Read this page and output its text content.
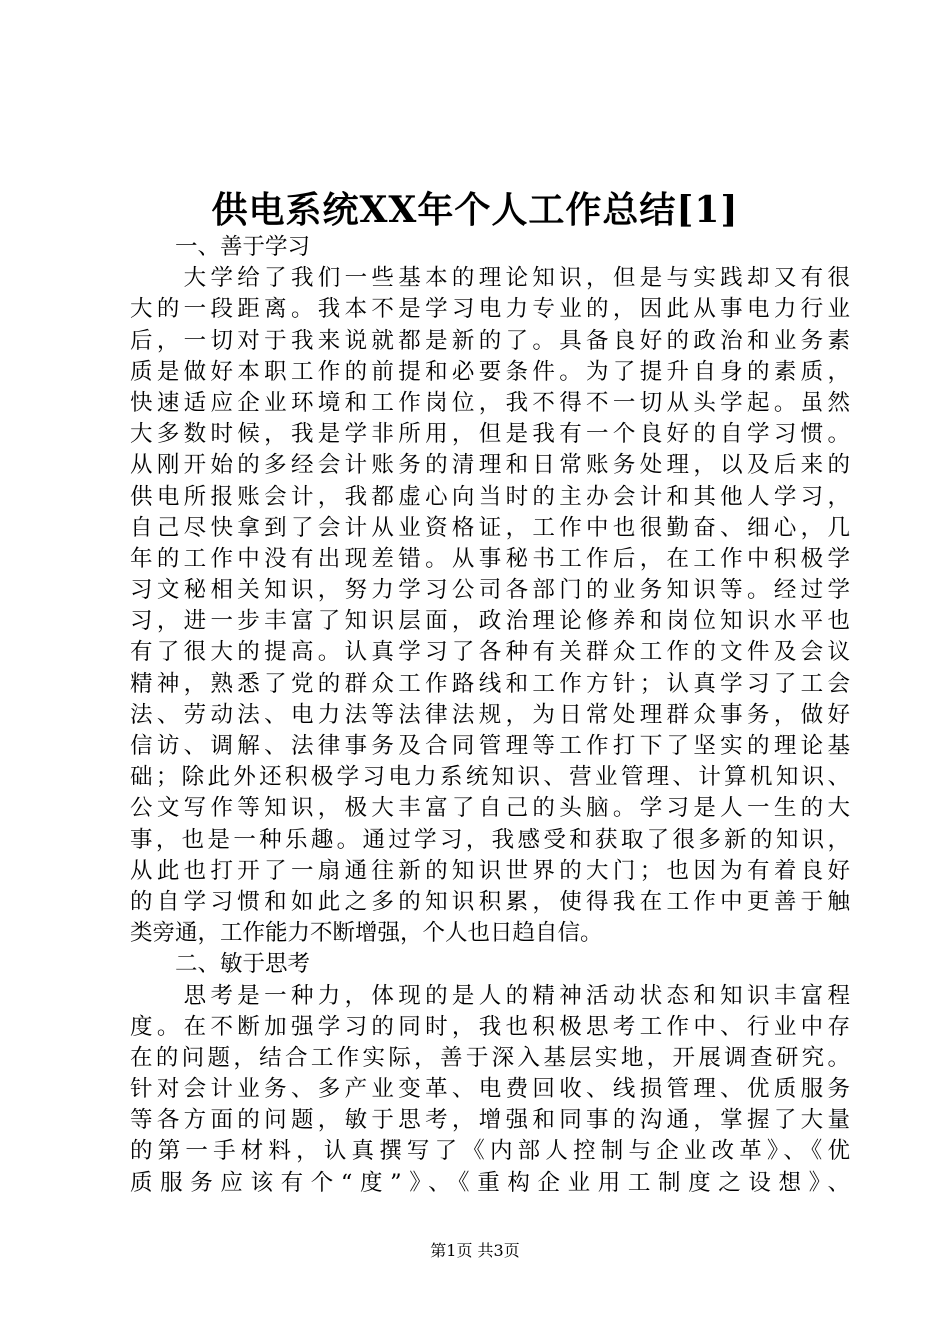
供电系统XX年个人工作总结[1]
　　一、善于学习
　　大学给了我们一些基本的理论知识，但是与实践却又有很
大的一段距离。我本不是学习电力专业的，因此从事电力行业
后，一切对于我来说就都是新的了。具备良好的政治和业务素
质是做好本职工作的前提和必要条件。为了提升自身的素质，
快速适应企业环境和工作岗位，我不得不一切从头学起。虽然
大多数时候，我是学非所用，但是我有一个良好的自学习惯。
从刚开始的多经会计账务的清理和日常账务处理，以及后来的
供电所报账会计，我都虚心向当时的主办会计和其他人学习，
自己尽快拿到了会计从业资格证，工作中也很勤奋、细心，几
年的工作中没有出现差错。从事秘书工作后，在工作中积极学
习文秘相关知识，努力学习公司各部门的业务知识等。经过学
习，进一步丰富了知识层面，政治理论修养和岗位知识水平也
有了很大的提高。认真学习了各种有关群众工作的文件及会议
精神，熟悉了党的群众工作路线和工作方针；认真学习了工会
法、劳动法、电力法等法律法规，为日常处理群众事务，做好
信访、调解、法律事务及合同管理等工作打下了坚实的理论基
础；除此外还积极学习电力系统知识、营业管理、计算机知识、
公文写作等知识，极大丰富了自己的头脑。学习是人一生的大
事，也是一种乐趣。通过学习，我感受和获取了很多新的知识，
从此也打开了一扇通往新的知识世界的大门；也因为有着良好
的自学习惯和如此之多的知识积累，使得我在工作中更善于触
类旁通，工作能力不断增强，个人也日趋自信。
　　二、敏于思考
　　思考是一种力，体现的是人的精神活动状态和知识丰富程
度。在不断加强学习的同时，我也积极思考工作中、行业中存
在的问题，结合工作实际，善于深入基层实地，开展调查研究。
针对会计业务、多产业变革、电费回收、线损管理、优质服务
等各方面的问题，敏于思考，增强和同事的沟通，掌握了大量
的第一手材料，认真撰写了《内部人控制与企业改革》、《优
质服务应该有个“度”》、《重构企业用工制度之设想》、
第1页 共3页
